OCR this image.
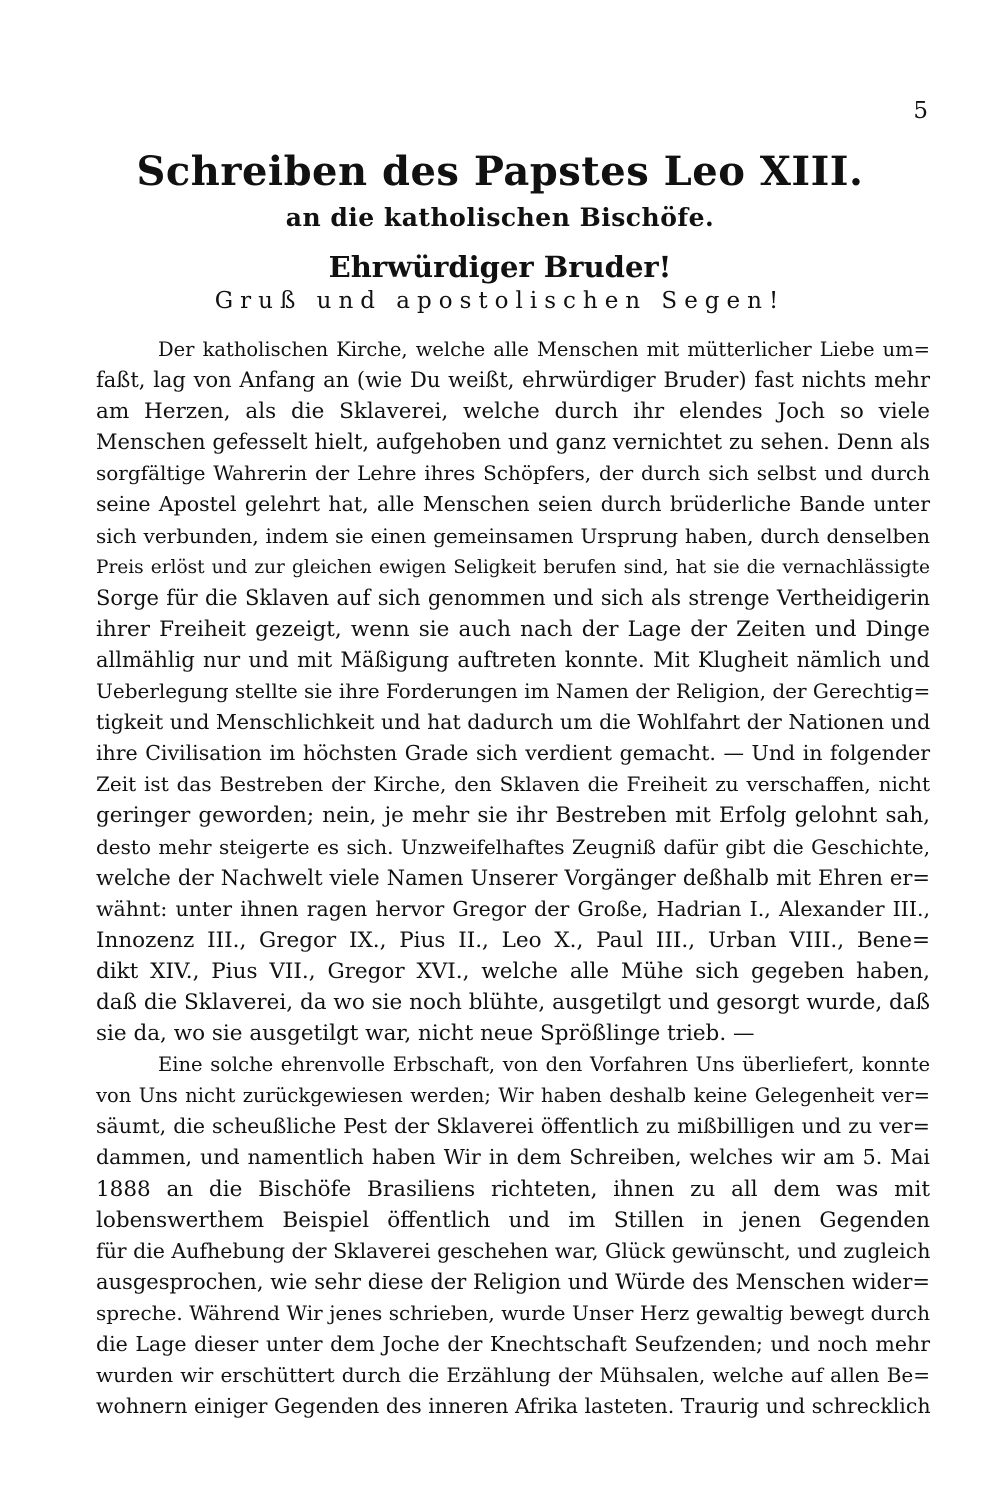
5
Schreiben des Papstes Leo XIII.
an die katholischen Bischöfe.
Ehrwürdiger Bruder!
Gruß und apostolischen Segen!
Der katholischen Kirche, welche alle Menschen mit mütterlicher Liebe um=
faßt, lag von Anfang an (wie Du weißt, ehrwürdiger Bruder) fast nichts mehr
am Herzen, als die Sklaverei, welche durch ihr elendes Joch so viele
Menschen gefesselt hielt, aufgehoben und ganz vernichtet zu sehen. Denn als
sorgfältige Wahrerin der Lehre ihres Schöpfers, der durch sich selbst und durch
seine Apostel gelehrt hat, alle Menschen seien durch brüderliche Bande unter
sich verbunden, indem sie einen gemeinsamen Ursprung haben, durch denselben
Preis erlöst und zur gleichen ewigen Seligkeit berufen sind, hat sie die vernachlässigte
Sorge für die Sklaven auf sich genommen und sich als strenge Vertheidigerin
ihrer Freiheit gezeigt, wenn sie auch nach der Lage der Zeiten und Dinge
allmählig nur und mit Mäßigung auftreten konnte. Mit Klugheit nämlich und
Ueberlegung stellte sie ihre Forderungen im Namen der Religion, der Gerechtig=
tigkeit und Menschlichkeit und hat dadurch um die Wohlfahrt der Nationen und
ihre Civilisation im höchsten Grade sich verdient gemacht. — Und in folgender
Zeit ist das Bestreben der Kirche, den Sklaven die Freiheit zu verschaffen, nicht
geringer geworden; nein, je mehr sie ihr Bestreben mit Erfolg gelohnt sah,
desto mehr steigerte es sich. Unzweifelhaftes Zeugniß dafür gibt die Geschichte,
welche der Nachwelt viele Namen Unserer Vorgänger deßhalb mit Ehren er=
wähnt: unter ihnen ragen hervor Gregor der Große, Hadrian I., Alexander III.,
Innozenz III., Gregor IX., Pius II., Leo X., Paul III., Urban VIII., Bene=
dikt XIV., Pius VII., Gregor XVI., welche alle Mühe sich gegeben haben,
daß die Sklaverei, da wo sie noch blühte, ausgetilgt und gesorgt wurde, daß
sie da, wo sie ausgetilgt war, nicht neue Sprößlinge trieb. —
Eine solche ehrenvolle Erbschaft, von den Vorfahren Uns überliefert, konnte
von Uns nicht zurückgewiesen werden; Wir haben deshalb keine Gelegenheit ver=
säumt, die scheußliche Pest der Sklaverei öffentlich zu mißbilligen und zu ver=
dammen, und namentlich haben Wir in dem Schreiben, welches wir am 5. Mai
1888 an die Bischöfe Brasiliens richteten, ihnen zu all dem was mit
lobenswerthem Beispiel öffentlich und im Stillen in jenen Gegenden
für die Aufhebung der Sklaverei geschehen war, Glück gewünscht, und zugleich
ausgesprochen, wie sehr diese der Religion und Würde des Menschen wider=
spreche. Während Wir jenes schrieben, wurde Unser Herz gewaltig bewegt durch
die Lage dieser unter dem Joche der Knechtschaft Seufzenden; und noch mehr
wurden wir erschüttert durch die Erzählung der Mühsalen, welche auf allen Be=
wohnern einiger Gegenden des inneren Afrika lasteten. Traurig und schrecklich
